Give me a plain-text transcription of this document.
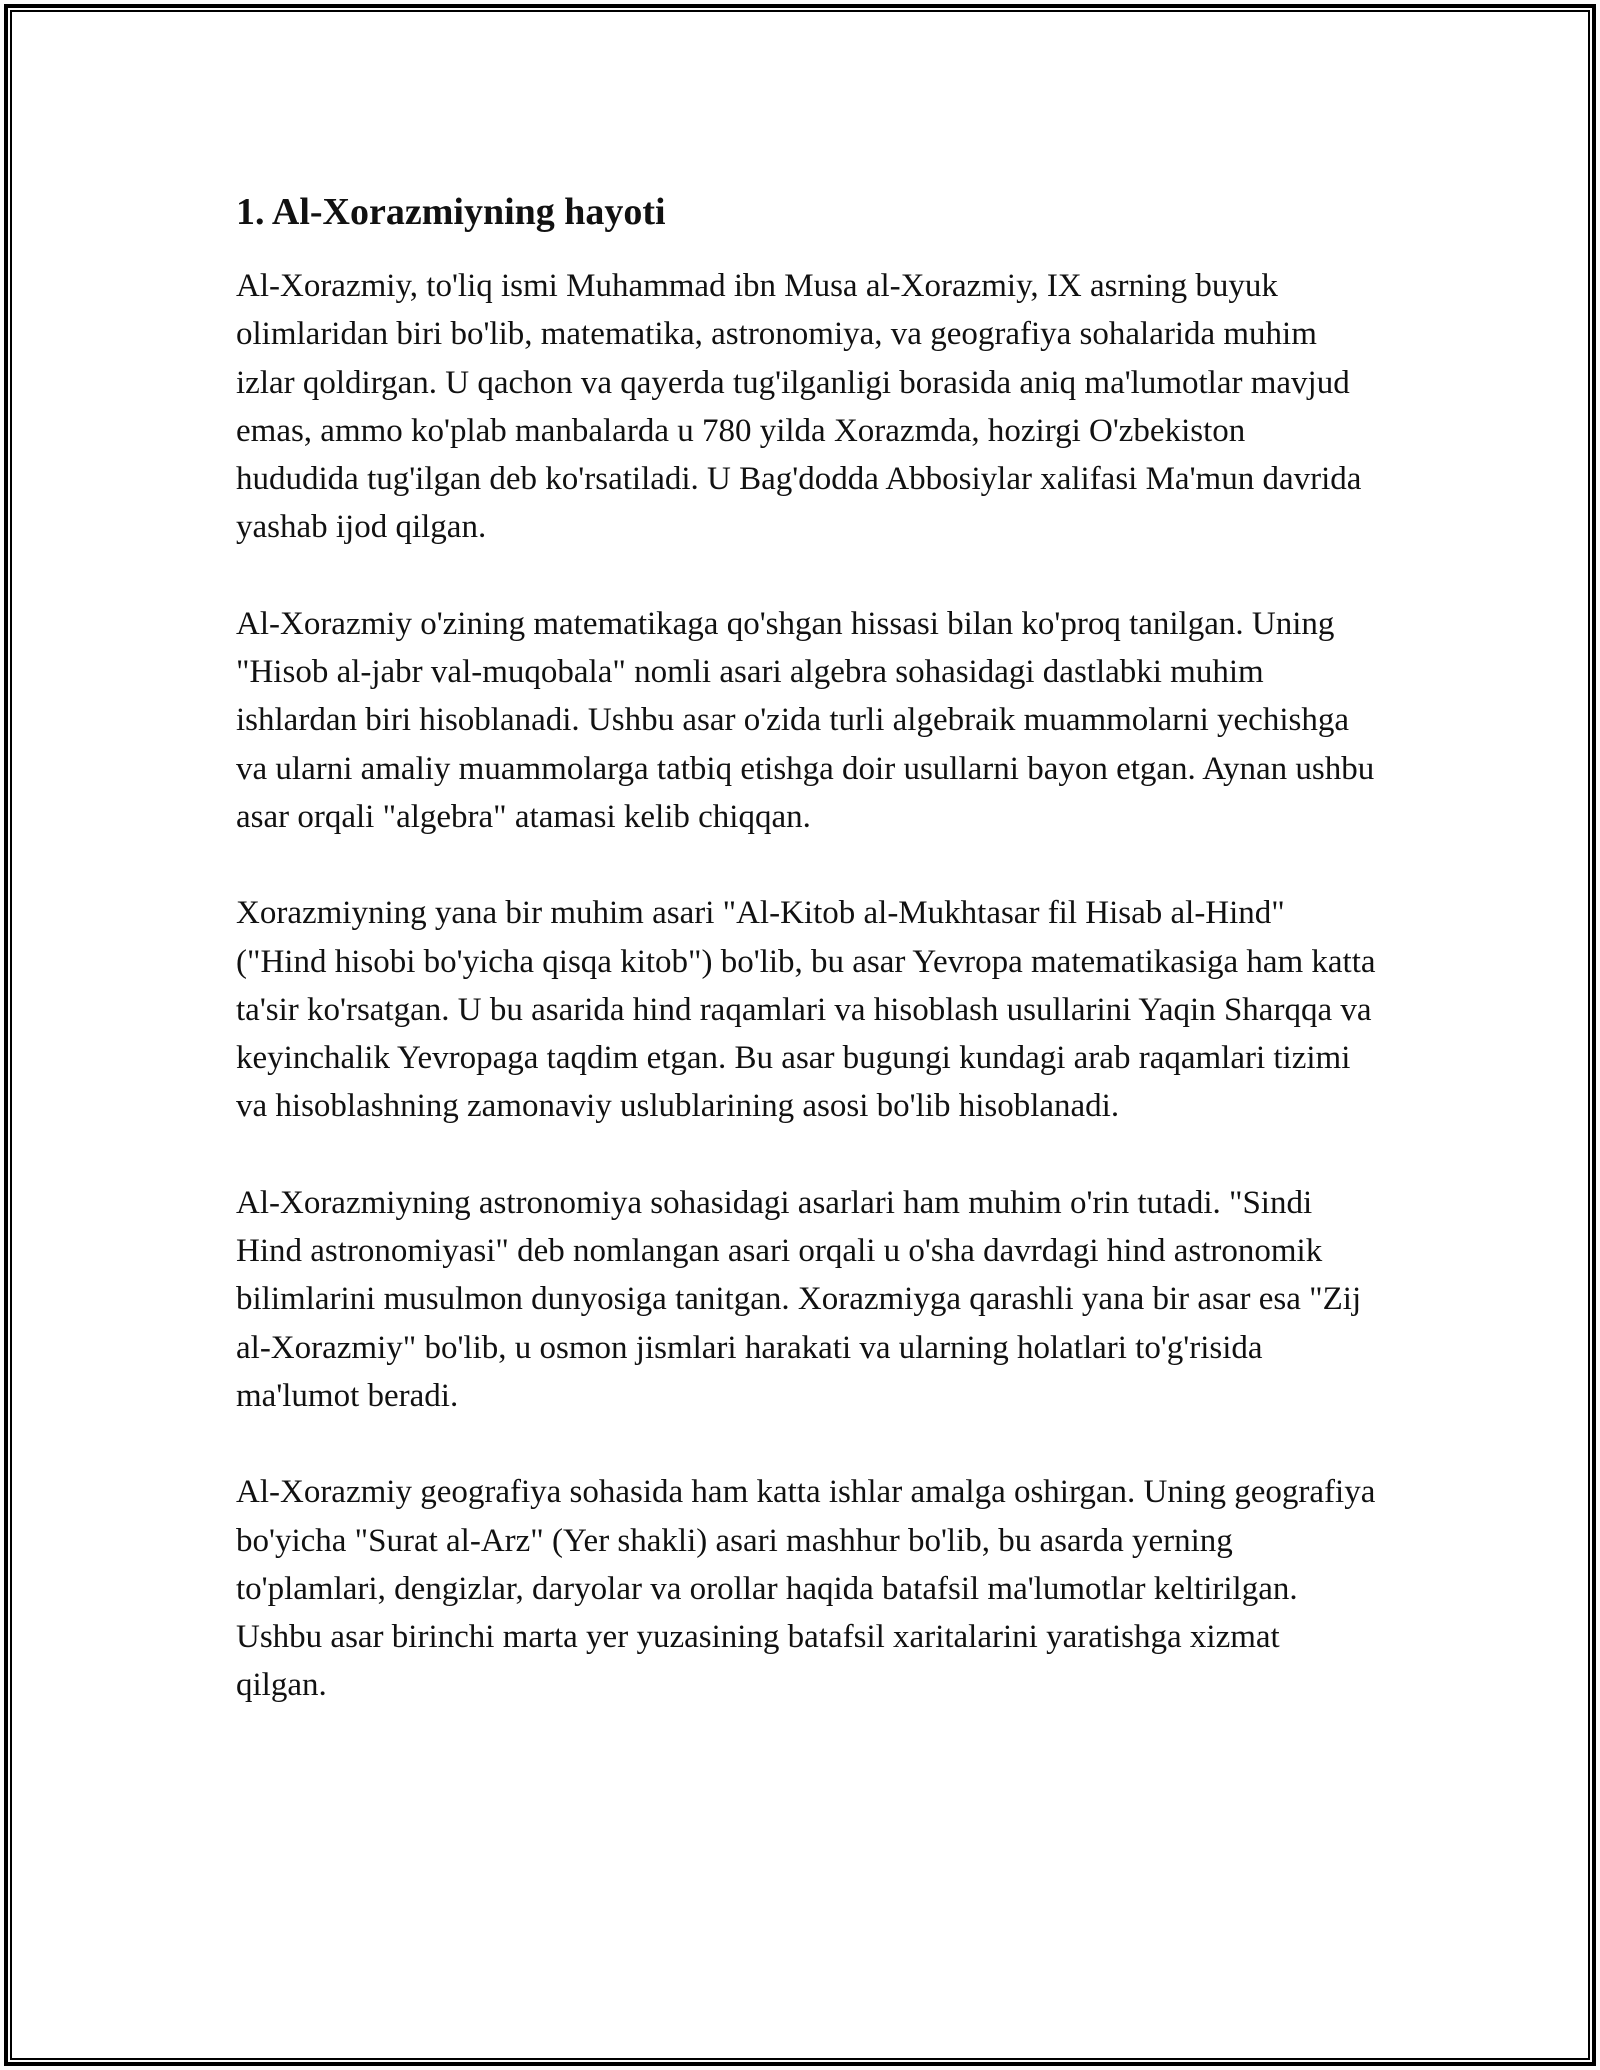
1. Al-Xorazmiyning hayoti

Al-Xorazmiy, to'liq ismi Muhammad ibn Musa al-Xorazmiy, IX asrning buyuk olimlaridan biri bo'lib, matematika, astronomiya, va geografiya sohalarida muhim izlar qoldirgan. U qachon va qayerda tug'ilganligi borasida aniq ma'lumotlar mavjud emas, ammo ko'plab manbalarda u 780 yilda Xorazmda, hozirgi O'zbekiston hududida tug'ilgan deb ko'rsatiladi. U Bag'dodda Abbosiylar xalifasi Ma'mun davrida yashab ijod qilgan.

Al-Xorazmiy o'zining matematikaga qo'shgan hissasi bilan ko'proq tanilgan. Uning "Hisob al-jabr val-muqobala" nomli asari algebra sohasidagi dastlabki muhim ishlardan biri hisoblanadi. Ushbu asar o'zida turli algebraik muammolarni yechishga va ularni amaliy muammolarga tatbiq etishga doir usullarni bayon etgan. Aynan ushbu asar orqali "algebra" atamasi kelib chiqqan.

Xorazmiyning yana bir muhim asari "Al-Kitob al-Mukhtasar fil Hisab al-Hind" ("Hind hisobi bo'yicha qisqa kitob") bo'lib, bu asar Yevropa matematikasiga ham katta ta'sir ko'rsatgan. U bu asarida hind raqamlari va hisoblash usullarini Yaqin Sharqqa va keyinchalik Yevropaga taqdim etgan. Bu asar bugungi kundagi arab raqamlari tizimi va hisoblashning zamonaviy uslublarining asosi bo'lib hisoblanadi.

Al-Xorazmiyning astronomiya sohasidagi asarlari ham muhim o'rin tutadi. "Sindi Hind astronomiyasi" deb nomlangan asari orqali u o'sha davrdagi hind astronomik bilimlarini musulmon dunyosiga tanitgan. Xorazmiyga qarashli yana bir asar esa "Zij al-Xorazmiy" bo'lib, u osmon jismlari harakati va ularning holatlari to'g'risida ma'lumot beradi.

Al-Xorazmiy geografiya sohasida ham katta ishlar amalga oshirgan. Uning geografiya bo'yicha "Surat al-Arz" (Yer shakli) asari mashhur bo'lib, bu asarda yerning to'plamlari, dengizlar, daryolar va orollar haqida batafsil ma'lumotlar keltirilgan. Ushbu asar birinchi marta yer yuzasining batafsil xaritalarini yaratishga xizmat qilgan.
